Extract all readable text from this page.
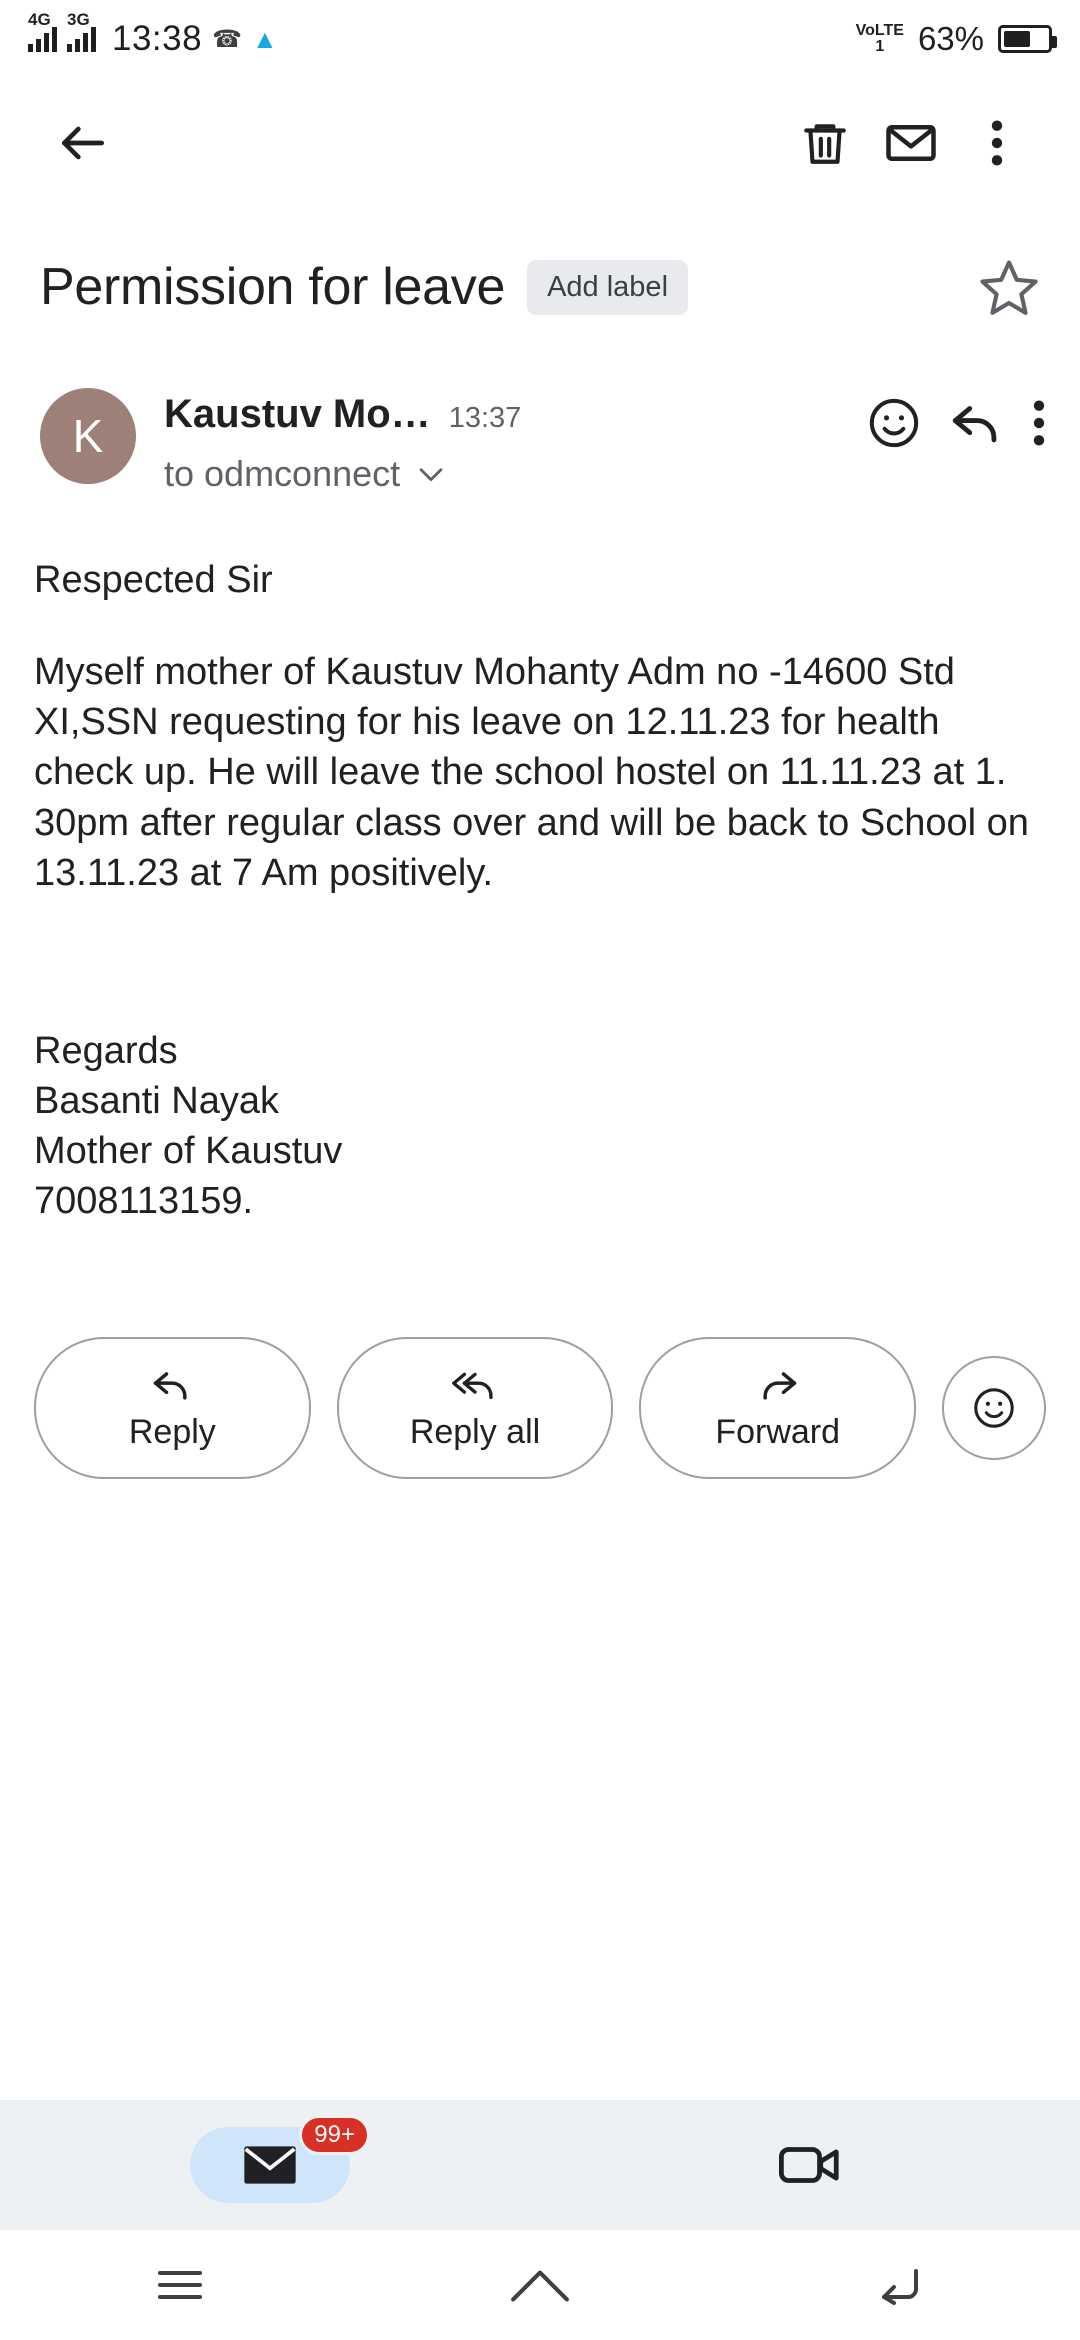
4G 3G 13:38 ☎ ▲	VoLTE
1	63%
Permission for leave	Add label
K	Kaustuv Mo… 13:37
to odmconnect

Respected Sir

Myself mother of Kaustuv Mohanty Adm no -14600 Std XI,SSN requesting for his leave on 12.11.23 for health check up. He will leave the school hostel on 11.11.23 at 1. 30pm after regular class over and will be back to School on 13.11.23 at 7 Am positively.

Regards

Basanti Nayak

Mother of Kaustuv

7008113159.

Reply	Reply all	Forward
99+
